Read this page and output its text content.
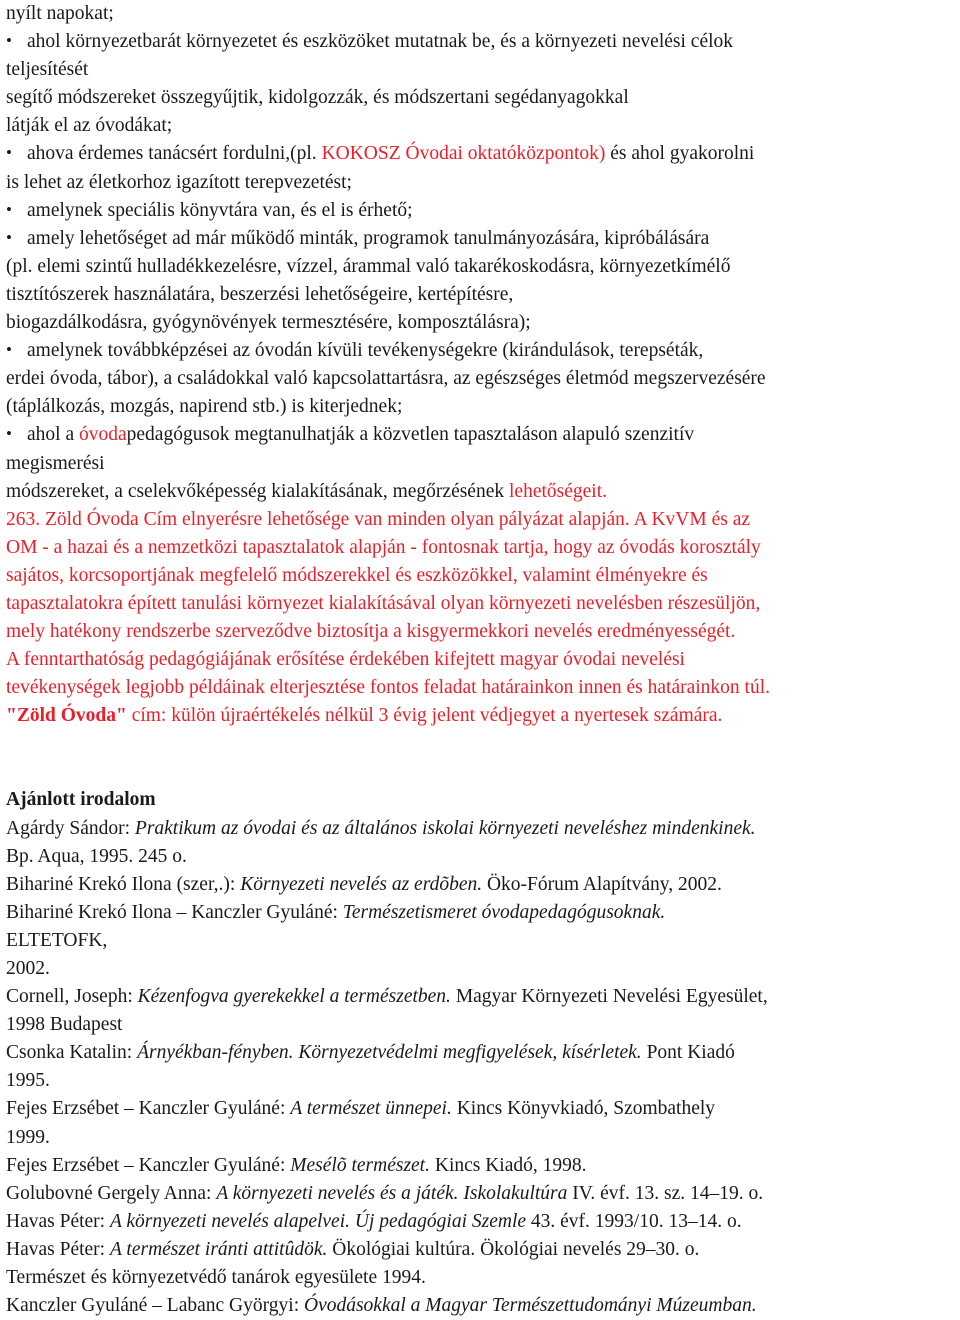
nyílt napokat;
• ahol környezetbarát környezetet és eszközöket mutatnak be, és a környezeti nevelési célok
teljesítését
segítő módszereket összegyűjtik, kidolgozzák, és módszertani segédanyagokkal
látják el az óvodákat;
• ahova érdemes tanácsért fordulni,(pl. KOKOSZ Óvodai oktatóközpontok) és ahol gyakorolni
is lehet az életkorhoz igazított terepvezetést;
• amelynek speciális könyvtára van, és el is érhető;
• amely lehetőséget ad már működő minták, programok tanulmányozására, kipróbálására
(pl. elemi szintű hulladékkezelésre, vízzel, árammal való takarékoskodásra, környezetkímélő
tisztítószerek használatára, beszerzési lehetőségeire, kertépítésre,
biogazdálkodásra, gyógynövények termesztésére, komposztálásra);
• amelynek továbbképzései az óvodán kívüli tevékenységekre (kirándulások, terepséták,
erdei óvoda, tábor), a családokkal való kapcsolattartásra, az egészséges életmód megszervezésére
(táplálkozás, mozgás, napirend stb.) is kiterjednek;
• ahol a óvodapedagógusok megtanulhatják a közvetlen tapasztaláson alapuló szenzitív
megismerési
módszereket, a cselekvőképesség kialakításának, megőrzésének lehetőségeit.
263. Zöld Óvoda Cím elnyerésre lehetősége van minden olyan pályázat alapján. A KvVM és az
OM - a hazai és a nemzetközi tapasztalatok alapján - fontosnak tartja, hogy az óvodás korosztály
sajátos, korcsoportjának megfelelő módszerekkel és eszközökkel, valamint élményekre és
tapasztalatokra épített tanulási környezet kialakításával olyan környezeti nevelésben részesüljön,
mely hatékony rendszerbe szerveződve biztosítja a kisgyermekkori nevelés eredményességét.
A fenntarthatóság pedagógiájának erősítése érdekében kifejtett magyar óvodai nevelési
tevékenységek legjobb példáinak elterjesztése fontos feladat határainkon innen és határainkon túl.
"Zöld Óvoda" cím: külön újraértékelés nélkül 3 évig jelent védjegyet a nyertesek számára.
Ajánlott irodalom
Agárdy Sándor: Praktikum az óvodai és az általános iskolai környezeti neveléshez mindenkinek.
Bp. Aqua, 1995. 245 o.
Bihariné Krekó Ilona (szer,.): Környezeti nevelés az erdõben. Öko-Fórum Alapítvány, 2002.
Bihariné Krekó Ilona – Kanczler Gyuláné: Természetismeret óvodapedagógusoknak.
ELTETOFK,
2002.
Cornell, Joseph: Kézenfogva gyerekekkel a természetben. Magyar Környezeti Nevelési Egyesület,
1998 Budapest
Csonka Katalin: Árnyékban-fényben. Környezetvédelmi megfigyelések, kísérletek. Pont Kiadó
1995.
Fejes Erzsébet – Kanczler Gyuláné: A természet ünnepei. Kincs Könyvkiadó, Szombathely
1999.
Fejes Erzsébet – Kanczler Gyuláné: Mesélõ természet. Kincs Kiadó, 1998.
Golubovné Gergely Anna: A környezeti nevelés és a játék. Iskolakultúra IV. évf. 13. sz. 14–19. o.
Havas Péter: A környezeti nevelés alapelvei. Új pedagógiai Szemle 43. évf. 1993/10. 13–14. o.
Havas Péter: A természet iránti attitûdök. Ökológiai kultúra. Ökológiai nevelés 29–30. o.
Természet és környezetvédő tanárok egyesülete 1994.
Kanczler Gyuláné – Labanc Györgyi: Óvodásokkal a Magyar Természettudományi Múzeumban.
